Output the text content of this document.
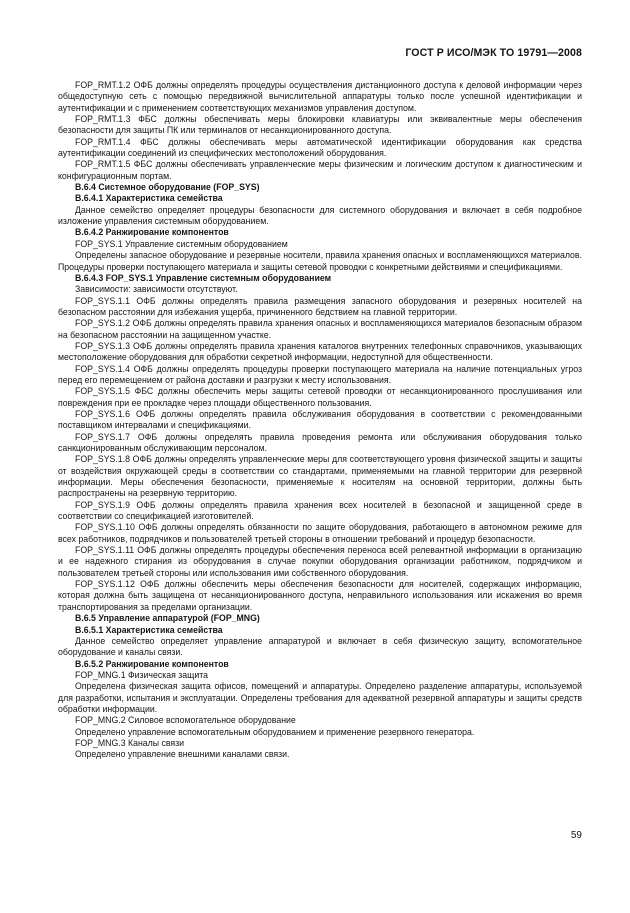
ГОСТ Р ИСО/МЭК ТО 19791—2008

FOP_RMT.1.2 ОФБ должны определять процедуры осуществления дистанционного доступа к деловой информации через общедоступную сеть с помощью передвижной вычислительной аппаратуры только после успешной идентификации и аутентификации и с применением соответствующих механизмов управления доступом.

FOP_RMT.1.3 ФБС должны обеспечивать меры блокировки клавиатуры или эквивалентные меры обеспечения безопасности для защиты ПК или терминалов от несанкционированного доступа.

FOP_RMT.1.4 ФБС должны обеспечивать меры автоматической идентификации оборудования как средства аутентификации соединений из специфических местоположений оборудования.

FOP_RMT.1.5 ФБС должны обеспечивать управленческие меры физическим и логическим доступом к диагностическим и конфигурационным портам.

В.6.4 Системное оборудование (FOP_SYS)

В.6.4.1 Характеристика семейства

Данное семейство определяет процедуры безопасности для системного оборудования и включает в себя подробное изложение управления системным оборудованием.

В.6.4.2 Ранжирование компонентов

FOP_SYS.1 Управление системным оборудованием

Определены запасное оборудование и резервные носители, правила хранения опасных и воспламеняющихся материалов. Процедуры проверки поступающего материала и защиты сетевой проводки с конкретными действиями и спецификациями.

В.6.4.3 FOP_SYS.1 Управление системным оборудованием

Зависимости: зависимости отсутствуют.

FOP_SYS.1.1 ОФБ должны определять правила размещения запасного оборудования и резервных носителей на безопасном расстоянии для избежания ущерба, причиненного бедствием на главной территории.

FOP_SYS.1.2 ОФБ должны определять правила хранения опасных и воспламеняющихся материалов безопасным образом на безопасном расстоянии на защищенном участке.

FOP_SYS.1.3 ОФБ должны определять правила хранения каталогов внутренних телефонных справочников, указывающих местоположение оборудования для обработки секретной информации, недоступной для общественности.

FOP_SYS.1.4 ОФБ должны определять процедуры проверки поступающего материала на наличие потенциальных угроз перед его перемещением от района доставки и разгрузки к месту использования.

FOP_SYS.1.5 ФБС должны обеспечить меры защиты сетевой проводки от несанкционированного прослушивания или повреждения при ее прокладке через площади общественного пользования.

FOP_SYS.1.6 ОФБ должны определять правила обслуживания оборудования в соответствии с рекомендованными поставщиком интервалами и спецификациями.

FOP_SYS.1.7 ОФБ должны определять правила проведения ремонта или обслуживания оборудования только санкционированным обслуживающим персоналом.

FOP_SYS.1.8 ОФБ должны определять управленческие меры для соответствующего уровня физической защиты и защиты от воздействия окружающей среды в соответствии со стандартами, применяемыми на главной территории для резервной информации. Меры обеспечения безопасности, применяемые к носителям на основной территории, должны быть распространены на резервную территорию.

FOP_SYS.1.9 ОФБ должны определять правила хранения всех носителей в безопасной и защищенной среде в соответствии со спецификацией изготовителей.

FOP_SYS.1.10 ОФБ должны определять обязанности по защите оборудования, работающего в автономном режиме для всех работников, подрядчиков и пользователей третьей стороны в отношении требований и процедур безопасности.

FOP_SYS.1.11 ОФБ должны определять процедуры обеспечения переноса всей релевантной информации в организацию и ее надежного стирания из оборудования в случае покупки оборудования организации работником, подрядчиком и пользователем третьей стороны или использования ими собственного оборудования.

FOP_SYS.1.12 ОФБ должны обеспечить меры обеспечения безопасности для носителей, содержащих информацию, которая должна быть защищена от несанкционированного доступа, неправильного использования или искажения во время транспортирования за пределами организации.

В.6.5 Управление аппаратурой (FOP_MNG)

В.6.5.1 Характеристика семейства

Данное семейство определяет управление аппаратурой и включает в себя физическую защиту, вспомогательное оборудование и каналы связи.

В.6.5.2 Ранжирование компонентов

FOP_MNG.1 Физическая защита

Определена физическая защита офисов, помещений и аппаратуры. Определено разделение аппаратуры, используемой для разработки, испытания и эксплуатации. Определены требования для адекватной резервной аппаратуры и защиты средств обработки информации.

FOP_MNG.2 Силовое вспомогательное оборудование

Определено управление вспомогательным оборудованием и применение резервного генератора.

FOP_MNG.3 Каналы связи

Определено управление внешними каналами связи.

59
